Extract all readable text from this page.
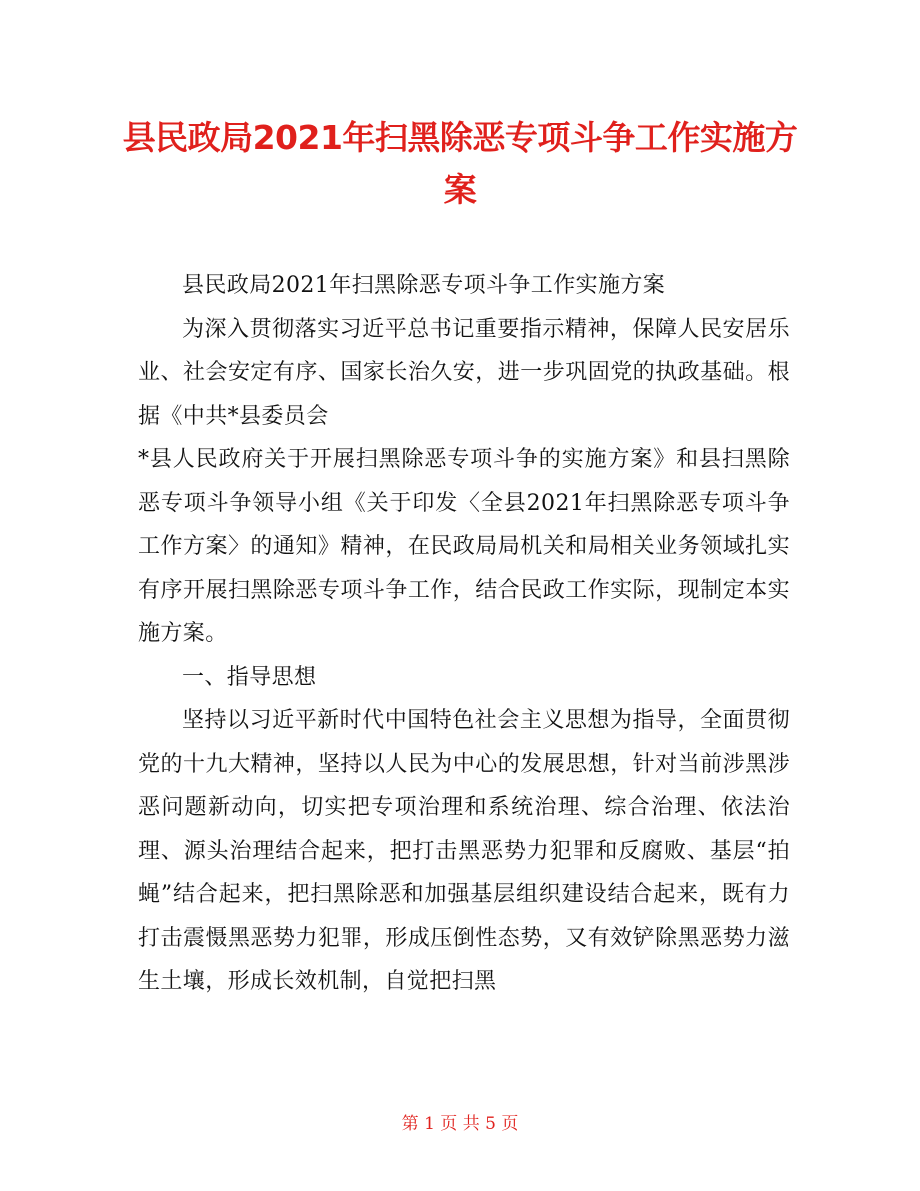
县民政局2021年扫黑除恶专项斗争工作实施方案

县民政局2021年扫黑除恶专项斗争工作实施方案

为深入贯彻落实习近平总书记重要指示精神，保障人民安居乐业、社会安定有序、国家长治久安，进一步巩固党的执政基础。根据《中共*县委员会

*县人民政府关于开展扫黑除恶专项斗争的实施方案》和县扫黑除恶专项斗争领导小组《关于印发〈全县2021年扫黑除恶专项斗争工作方案〉的通知》精神，在民政局局机关和局相关业务领域扎实有序开展扫黑除恶专项斗争工作，结合民政工作实际，现制定本实施方案。

一、指导思想

坚持以习近平新时代中国特色社会主义思想为指导，全面贯彻党的十九大精神，坚持以人民为中心的发展思想，针对当前涉黑涉恶问题新动向，切实把专项治理和系统治理、综合治理、依法治理、源头治理结合起来，把打击黑恶势力犯罪和反腐败、基层“拍蝇”结合起来，把扫黑除恶和加强基层组织建设结合起来，既有力打击震慑黑恶势力犯罪，形成压倒性态势，又有效铲除黑恶势力滋生土壤，形成长效机制，自觉把扫黑

第 1 页 共 5 页
